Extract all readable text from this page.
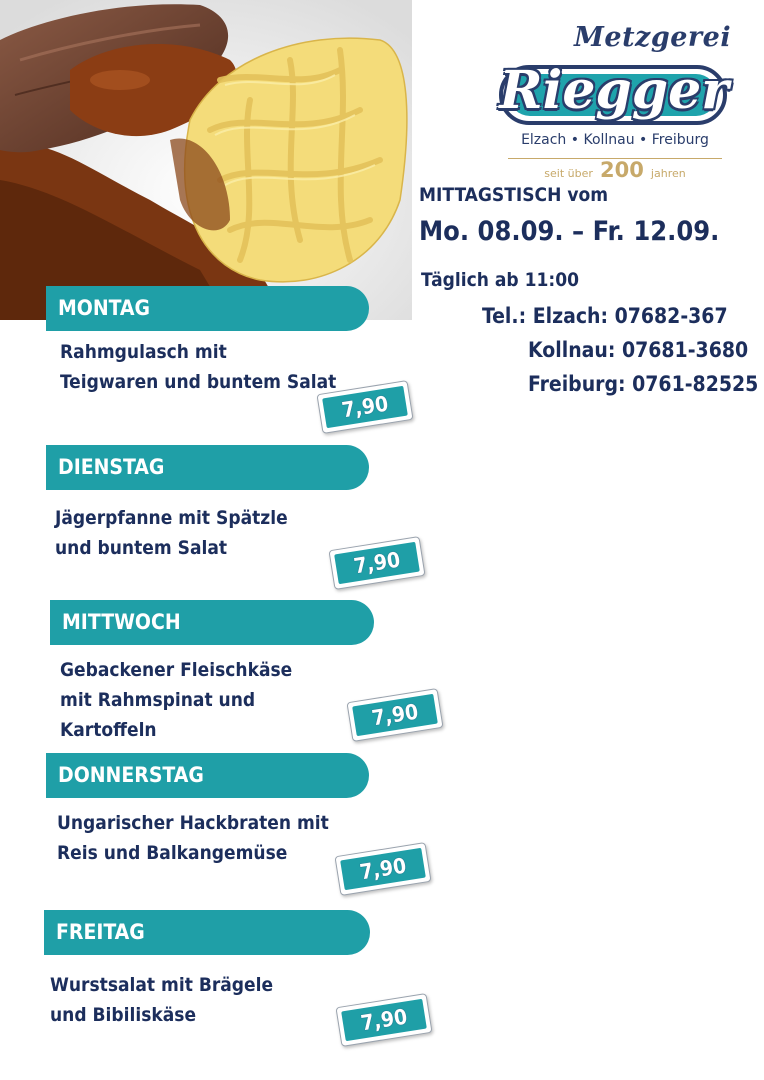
Metzgerei
Riegger
Elzach • Kollnau • Freiburg
seit über 200 jahren
MITTAGSTISCH vom
Mo. 08.09. – Fr. 12.09.
Täglich ab 11:00
Tel.: Elzach: 07682-367
Kollnau: 07681-3680
Freiburg: 0761-82525
MONTAG
Rahmgulasch mit
Teigwaren und buntem Salat
7,90
DIENSTAG
Jägerpfanne mit Spätzle
und buntem Salat	7,90
MITTWOCH
Gebackener Fleischkäse
mit Rahmspinat und
Kartoffeln	7,90
DONNERSTAG
Ungarischer Hackbraten mit
Reis und Balkangemüse
7,90
FREITAG
Wurstsalat mit Brägele
und Bibiliskäse	7,90
